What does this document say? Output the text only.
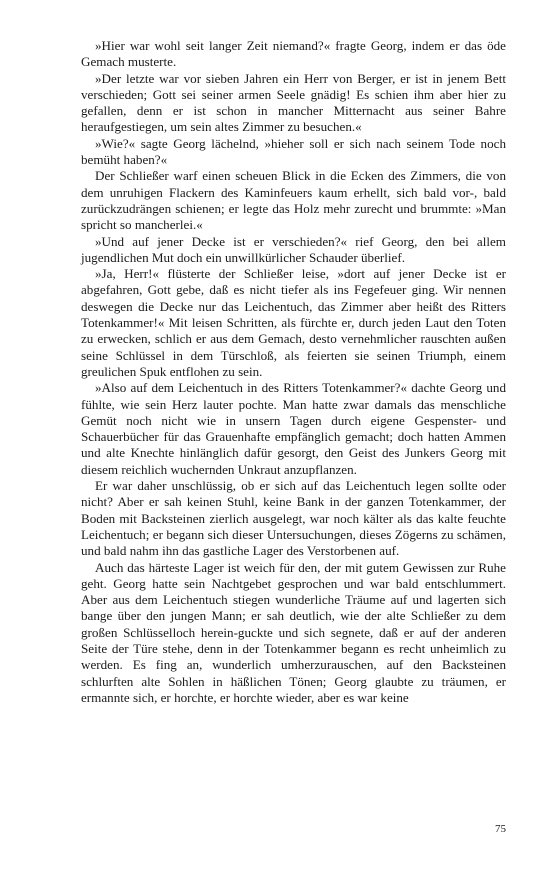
»Hier war wohl seit langer Zeit niemand?« fragte Georg, indem er das öde Gemach musterte.

»Der letzte war vor sieben Jahren ein Herr von Berger, er ist in jenem Bett verschieden; Gott sei seiner armen Seele gnädig! Es schien ihm aber hier zu gefallen, denn er ist schon in mancher Mitternacht aus seiner Bahre heraufgestiegen, um sein altes Zimmer zu besuchen.«

»Wie?« sagte Georg lächelnd, »hieher soll er sich nach seinem Tode noch bemüht haben?«

Der Schließer warf einen scheuen Blick in die Ecken des Zimmers, die von dem unruhigen Flackern des Kaminfeuers kaum erhellt, sich bald vor-, bald zurückzudrängen schienen; er legte das Holz mehr zurecht und brummte: »Man spricht so mancherlei.«

»Und auf jener Decke ist er verschieden?« rief Georg, den bei allem jugendlichen Mut doch ein unwillkürlicher Schauder überlief.

»Ja, Herr!« flüsterte der Schließer leise, »dort auf jener Decke ist er abgefahren, Gott gebe, daß es nicht tiefer als ins Fegefeuer ging. Wir nennen deswegen die Decke nur das Leichentuch, das Zimmer aber heißt des Ritters Totenkammer!« Mit leisen Schritten, als fürchte er, durch jeden Laut den Toten zu erwecken, schlich er aus dem Gemach, desto vernehmlicher rauschten außen seine Schlüssel in dem Türschloß, als feierten sie seinen Triumph, einem greulichen Spuk entflohen zu sein.

»Also auf dem Leichentuch in des Ritters Totenkammer?« dachte Georg und fühlte, wie sein Herz lauter pochte. Man hatte zwar damals das menschliche Gemüt noch nicht wie in unsern Tagen durch eigene Gespenster- und Schauerbücher für das Grauenhafte empfänglich gemacht; doch hatten Ammen und alte Knechte hinlänglich dafür gesorgt, den Geist des Junkers Georg mit diesem reichlich wuchernden Unkraut anzupflanzen.

Er war daher unschlüssig, ob er sich auf das Leichentuch legen sollte oder nicht? Aber er sah keinen Stuhl, keine Bank in der ganzen Totenkammer, der Boden mit Backsteinen zierlich ausgelegt, war noch kälter als das kalte feuchte Leichentuch; er begann sich dieser Untersuchungen, dieses Zögerns zu schämen, und bald nahm ihn das gastliche Lager des Verstorbenen auf.

Auch das härteste Lager ist weich für den, der mit gutem Gewissen zur Ruhe geht. Georg hatte sein Nachtgebet gesprochen und war bald entschlummert. Aber aus dem Leichentuch stiegen wunderliche Träume auf und lagerten sich bange über den jungen Mann; er sah deutlich, wie der alte Schließer zu dem großen Schlüsselloch herein-guckte und sich segnete, daß er auf der anderen Seite der Türe stehe, denn in der Totenkammer begann es recht unheimlich zu werden. Es fing an, wunderlich umherzurauschen, auf den Backsteinen schlurften alte Sohlen in häßlichen Tönen; Georg glaubte zu träumen, er ermannte sich, er horchte, er horchte wieder, aber es war keine

75
